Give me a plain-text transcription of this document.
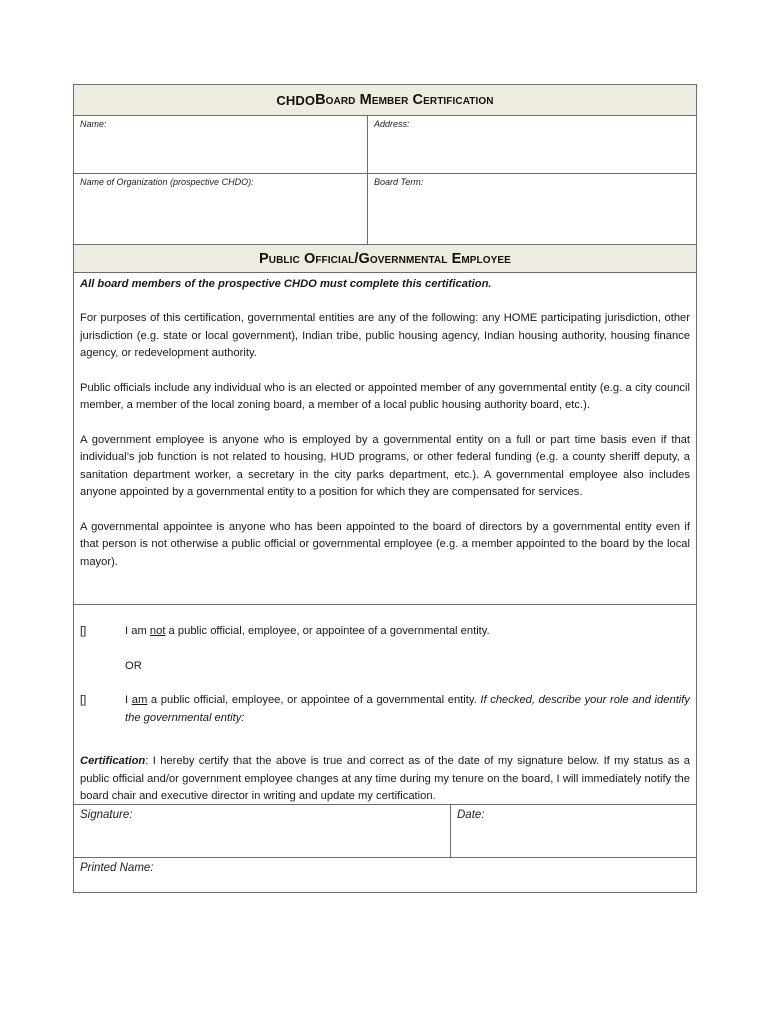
CHDO Board Member Certification
Name:	Address:
Name of Organization (prospective CHDO):	Board Term:
Public Official/Governmental Employee

All board members of the prospective CHDO must complete this certification.

For purposes of this certification, governmental entities are any of the following: any HOME participating jurisdiction, other jurisdiction (e.g. state or local government), Indian tribe, public housing agency, Indian housing authority, housing finance agency, or redevelopment authority.

Public officials include any individual who is an elected or appointed member of any governmental entity (e.g. a city council member, a member of the local zoning board, a member of a local public housing authority board, etc.).

A government employee is anyone who is employed by a governmental entity on a full or part time basis even if that individual’s job function is not related to housing, HUD programs, or other federal funding (e.g. a county sheriff deputy, a sanitation department worker, a secretary in the city parks department, etc.). A governmental employee also includes anyone appointed by a governmental entity to a position for which they are compensated for services.

A governmental appointee is anyone who has been appointed to the board of directors by a governmental entity even if that person is not otherwise a public official or governmental employee (e.g. a member appointed to the board by the local mayor).

[]	I am not a public official, employee, or appointee of a governmental entity.
OR
[]	I am a public official, employee, or appointee of a governmental entity. If checked, describe your role and identify the governmental entity:
Certification: I hereby certify that the above is true and correct as of the date of my signature below. If my status as a public official and/or government employee changes at any time during my tenure on the board, I will immediately notify the board chair and executive director in writing and update my certification.
Signature:	Date:
Printed Name:
